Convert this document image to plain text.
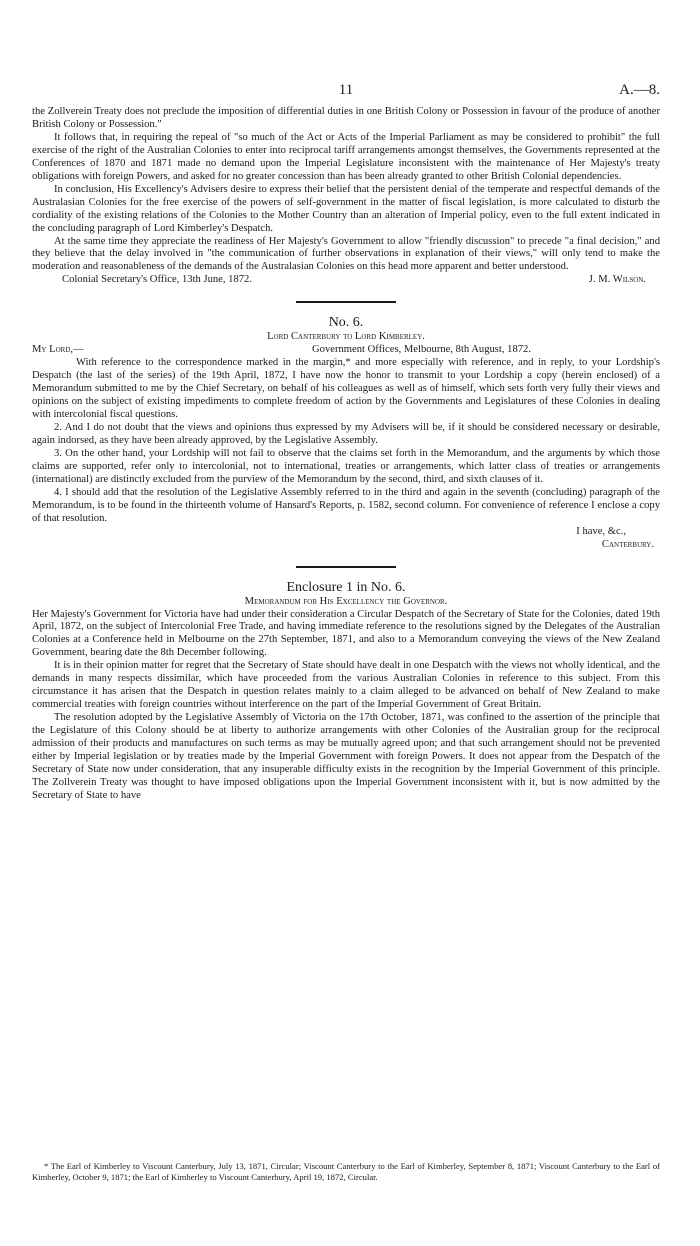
11	A.—8.

the Zollverein Treaty does not preclude the imposition of differential duties in one British Colony or Possession in favour of the produce of another British Colony or Possession."

It follows that, in requiring the repeal of "so much of the Act or Acts of the Imperial Parliament as may be considered to prohibit" the full exercise of the right of the Australian Colonies to enter into reciprocal tariff arrangements amongst themselves, the Governments represented at the Conferences of 1870 and 1871 made no demand upon the Imperial Legislature inconsistent with the maintenance of Her Majesty's treaty obligations with foreign Powers, and asked for no greater concession than has been already granted to other British Colonial dependencies.

In conclusion, His Excellency's Advisers desire to express their belief that the persistent denial of the temperate and respectful demands of the Australasian Colonies for the free exercise of the powers of self-government in the matter of fiscal legislation, is more calculated to disturb the cordiality of the existing relations of the Colonies to the Mother Country than an alteration of Imperial policy, even to the full extent indicated in the concluding paragraph of Lord Kimberley's Despatch.

At the same time they appreciate the readiness of Her Majesty's Government to allow "friendly discussion" to precede "a final decision," and they believe that the delay involved in "the communication of further observations in explanation of their views," will only tend to make the moderation and reasonableness of the demands of the Australasian Colonies on this head more apparent and better understood.

Colonial Secretary's Office, 13th June, 1872.	J. M. Wilson.
No. 6.
Lord Canterbury to Lord Kimberley.
My Lord,—	Government Offices, Melbourne, 8th August, 1872.

With reference to the correspondence marked in the margin,* and more especially with reference, and in reply, to your Lordship's Despatch (the last of the series) of the 19th April, 1872, I have now the honor to transmit to your Lordship a copy (herein enclosed) of a Memorandum submitted to me by the Chief Secretary, on behalf of his colleagues as well as of himself, which sets forth very fully their views and opinions on the subject of existing impediments to complete freedom of action by the Governments and Legislatures of these Colonies in dealing with intercolonial fiscal questions.

2. And I do not doubt that the views and opinions thus expressed by my Advisers will be, if it should be considered necessary or desirable, again indorsed, as they have been already approved, by the Legislative Assembly.

3. On the other hand, your Lordship will not fail to observe that the claims set forth in the Memorandum, and the arguments by which those claims are supported, refer only to intercolonial, not to international, treaties or arrangements, which latter class of treaties or arrangements (international) are distinctly excluded from the purview of the Memorandum by the second, third, and sixth clauses of it.

4. I should add that the resolution of the Legislative Assembly referred to in the third and again in the seventh (concluding) paragraph of the Memorandum, is to be found in the thirteenth volume of Hansard's Reports, p. 1582, second column. For convenience of reference I enclose a copy of that resolution.

I have, &c.,
Canterbury.
Enclosure 1 in No. 6.
Memorandum for His Excellency the Governor.

Her Majesty's Government for Victoria have had under their consideration a Circular Despatch of the Secretary of State for the Colonies, dated 19th April, 1872, on the subject of Intercolonial Free Trade, and having immediate reference to the resolutions signed by the Delegates of the Australian Colonies at a Conference held in Melbourne on the 27th September, 1871, and also to a Memorandum conveying the views of the New Zealand Government, bearing date the 8th December following.

It is in their opinion matter for regret that the Secretary of State should have dealt in one Despatch with the views not wholly identical, and the demands in many respects dissimilar, which have proceeded from the various Australian Colonies in reference to this subject. From this circumstance it has arisen that the Despatch in question relates mainly to a claim alleged to be advanced on behalf of New Zealand to make commercial treaties with foreign countries without interference on the part of the Imperial Government of Great Britain.

The resolution adopted by the Legislative Assembly of Victoria on the 17th October, 1871, was confined to the assertion of the principle that the Legislature of this Colony should be at liberty to authorize arrangements with other Colonies of the Australian group for the reciprocal admission of their products and manufactures on such terms as may be mutually agreed upon; and that such arrangement should not be prevented either by Imperial legislation or by treaties made by the Imperial Government with foreign Powers. It does not appear from the Despatch of the Secretary of State now under consideration, that any insuperable difficulty exists in the recognition by the Imperial Government of this principle. The Zollverein Treaty was thought to have imposed obligations upon the Imperial Government inconsistent with it, but is now admitted by the Secretary of State to have

* The Earl of Kimberley to Viscount Canterbury, July 13, 1871, Circular; Viscount Canterbury to the Earl of Kimberley, September 8, 1871; Viscount Canterbury to the Earl of Kimberley, October 9, 1871; the Earl of Kimberley to Viscount Canterbury, April 19, 1872, Circular.
